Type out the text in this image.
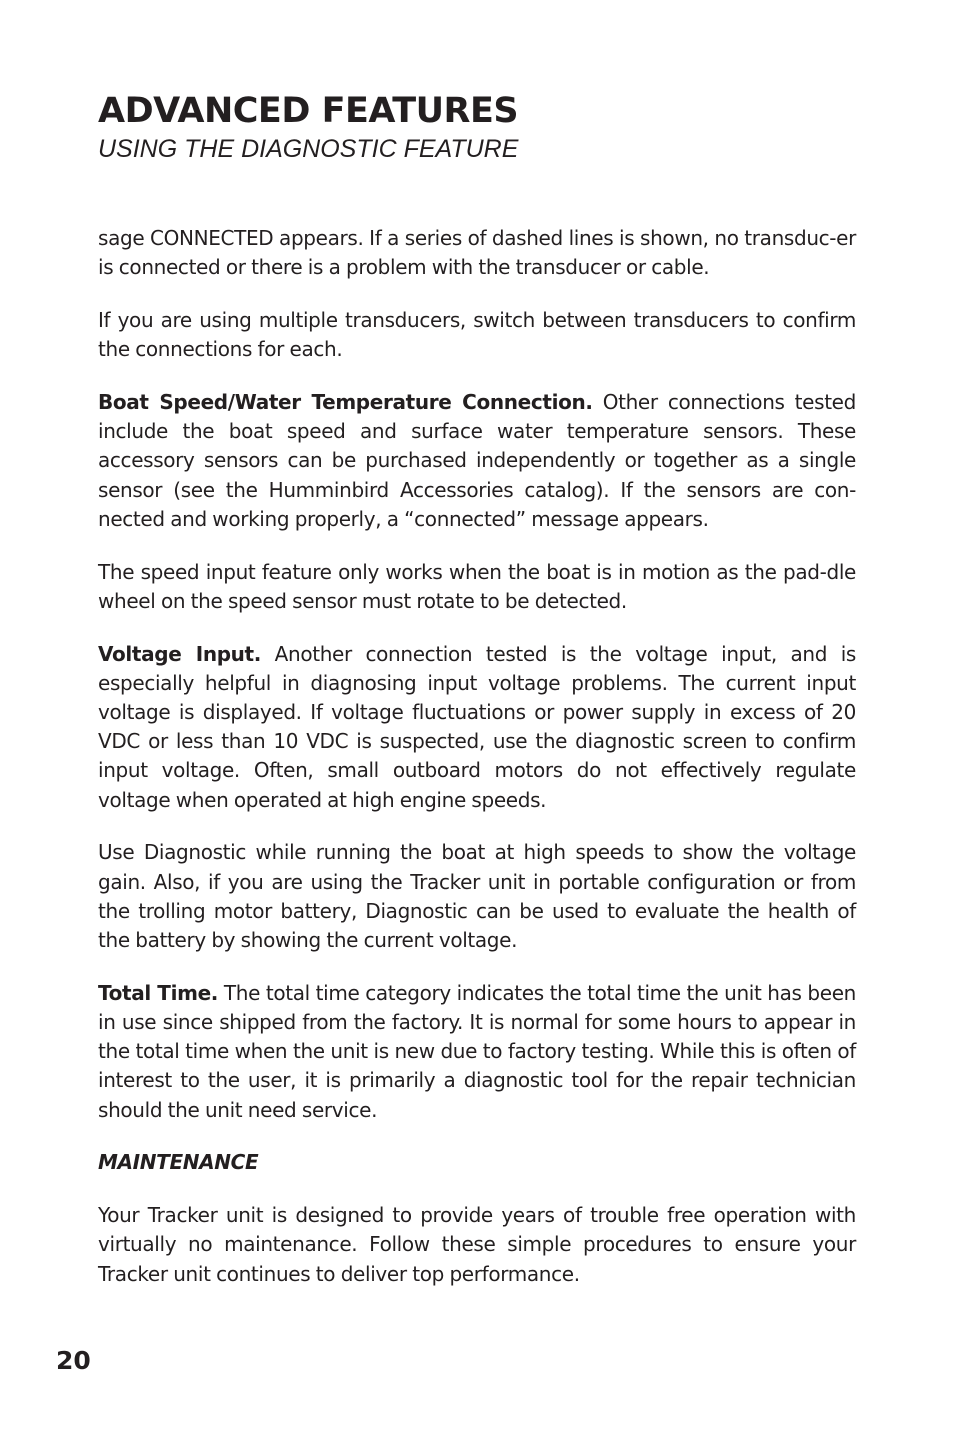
ADVANCED FEATURES

USING THE DIAGNOSTIC FEATURE

sage CONNECTED appears. If a series of dashed lines is shown, no transduc-er is connected or there is a problem with the transducer or cable.

If you are using multiple transducers, switch between transducers to confirm the connections for each.

Boat Speed/Water Temperature Connection. Other connections tested include the boat speed and surface water temperature sensors. These accessory sensors can be purchased independently or together as a single sensor (see the Humminbird Accessories catalog). If the sensors are con-nected and working properly, a “connected” message appears.

The speed input feature only works when the boat is in motion as the pad-dle wheel on the speed sensor must rotate to be detected.

Voltage Input. Another connection tested is the voltage input, and is especially helpful in diagnosing input voltage problems. The current input voltage is displayed. If voltage fluctuations or power supply in excess of 20 VDC or less than 10 VDC is suspected, use the diagnostic screen to confirm input voltage. Often, small outboard motors do not effectively regulate voltage when operated at high engine speeds.

Use Diagnostic while running the boat at high speeds to show the voltage gain. Also, if you are using the Tracker unit in portable configuration or from the trolling motor battery, Diagnostic can be used to evaluate the health of the battery by showing the current voltage.

Total Time. The total time category indicates the total time the unit has been in use since shipped from the factory. It is normal for some hours to appear in the total time when the unit is new due to factory testing. While this is often of interest to the user, it is primarily a diagnostic tool for the repair technician should the unit need service.

MAINTENANCE

Your Tracker unit is designed to provide years of trouble free operation with virtually no maintenance. Follow these simple procedures to ensure your Tracker unit continues to deliver top performance.

20
